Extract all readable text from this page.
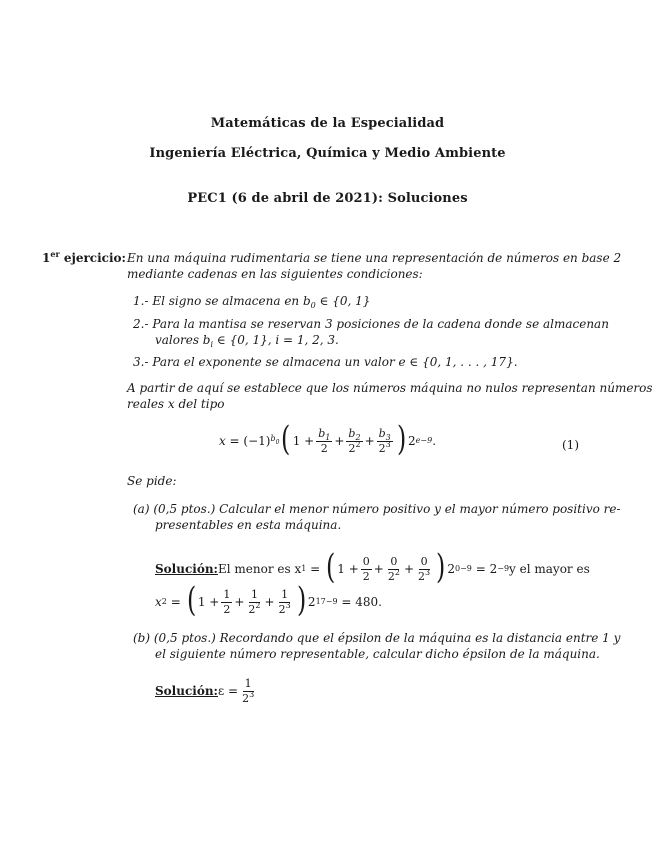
Matemáticas de la Especialidad
Ingeniería Eléctrica, Química y Medio Ambiente
PEC1 (6 de abril de 2021): Soluciones
1er ejercicio: En una máquina rudimentaria se tiene una representación de números en base 2
mediante cadenas en las siguientes condiciones:
1.- El signo se almacena en $b_0$ ∈ {0, 1}
2.- Para la mantisa se reservan 3 posiciones de la cadena donde se almacenan
valores $b_i$ ∈ {0, 1}, i = 1, 2, 3.
3.- Para el exponente se almacena un valor e ∈ {0, 1, . . . , 17}.
A partir de aquí se establece que los números máquina no nulos representan números
reales x del tipo
x = (−1) $b_0$ ( $1 + \frac{b_1}{2} + \frac{b_2}{2^2} + \frac{b_3}{2^3}$ ) 2 e−9 .	(1)
Se pide:
(a) (0,5 ptos.) Calcular el menor número positivo y el mayor número positivo re-
presentables en esta máquina.
Solución: El menor es x 1 = ( $1 + \frac{0}{2} + \frac{0}{2^2} + \frac{0}{2^3}$ ) 2 0−9
= 2 −9 y el mayor es
x 2 = ( $1 + \frac{1}{2} + \frac{1}{2^2} + \frac{1}{2^3}$ ) 2 17−9
= 480.
(b) (0,5 ptos.) Recordando que el épsilon de la máquina es la distancia entre 1 y
el siguiente número representable, calcular dicho épsilon de la máquina.
Solución: $\varepsilon = \frac{1}{2^3}$
